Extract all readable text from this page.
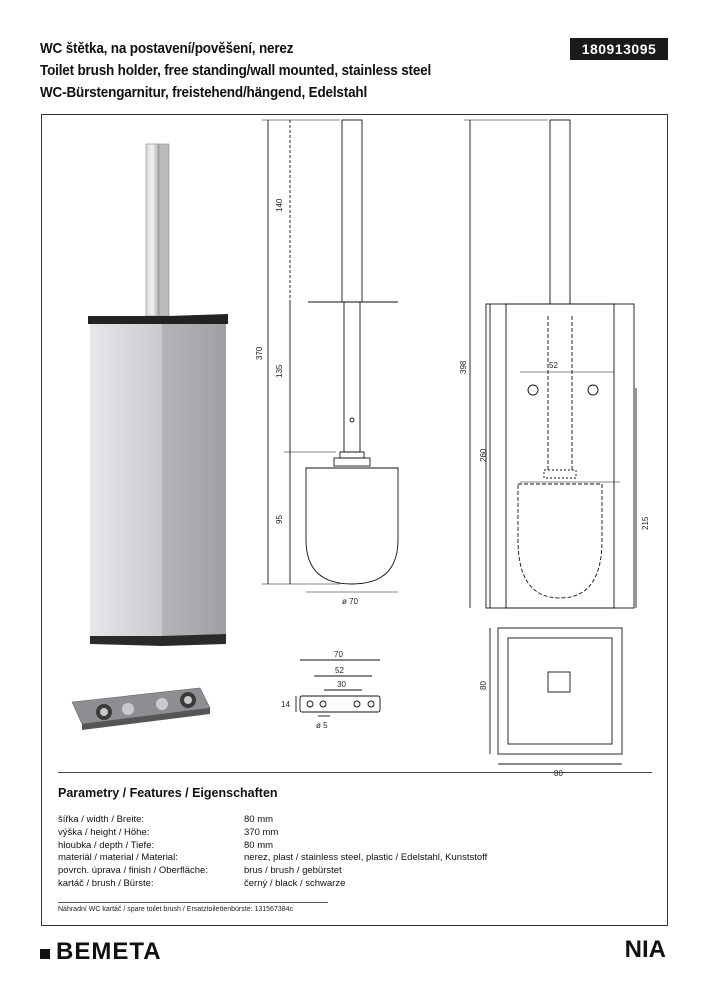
WC štětka, na postavení/pověšení, nerez
Toilet brush holder, free standing/wall mounted, stainless steel
WC-Bürstengarnitur, freistehend/hängend, Edelstahl
180913095
140
135
95
370
ø 70
52
398
260
215
80
80
70
52
30
14
ø 5
Parametry / Features / Eigenschaften
šířka / width / Breite:	80 mm
výška / height / Höhe:	370 mm
hloubka / depth / Tiefe:	80 mm
materiál / material / Material:	nerez, plast / stainless steel, plastic / Edelstahl, Kunststoff
povrch. úprava / finish / Oberfläche:	brus / brush / gebürstet
kartáč / brush / Bürste:	černý / black / schwarze
Náhradní WC kartáč / spare toilet brush / Ersatztoilettenbürste: 131567384c
BEMETA	NIA
